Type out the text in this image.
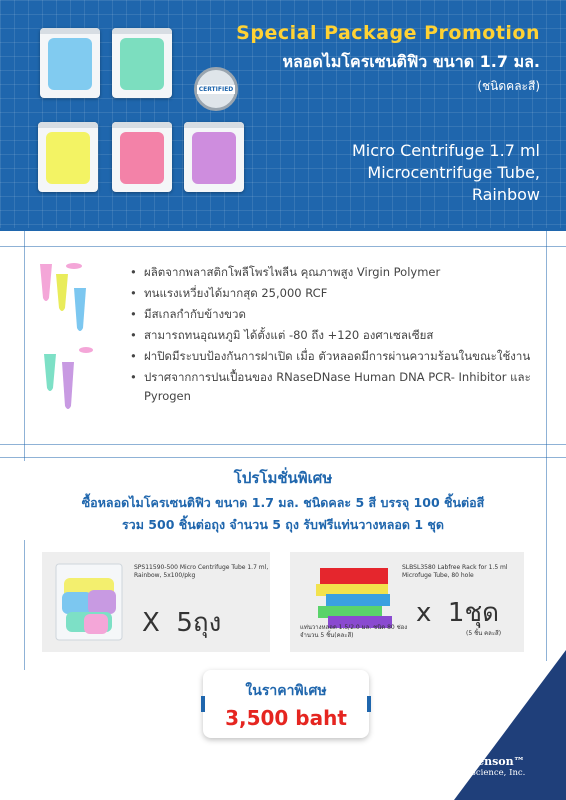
CERTIFIED
Special Package Promotion
หลอดไมโครเซนติฟิว ขนาด 1.7 มล.
(ชนิดคละสี)
Micro Centrifuge 1.7 ml
Microcentrifuge Tube,
Rainbow
• ผลิตจากพลาสติกโพลีโพรไพลีน คุณภาพสูง Virgin Polymer
• ทนแรงเหวี่ยงได้มากสุด 25,000 RCF
• มีสเกลกำกับข้างขวด
• สามารถทนอุณหภูมิ ได้ตั้งแต่ -80 ถึง +120 องศาเซลเซียส
• ฝาปิดมีระบบป้องกันการฝาเปิด เมื่อ ตัวหลอดมีการผ่านความร้อนในขณะใช้งาน
• ปราศจากการปนเปื้อนของ RNaseDNase Human DNA PCR- Inhibitor และ Pyrogen
โปรโมชั่นพิเศษ
ซื้อหลอดไมโครเซนติฟิว ขนาด 1.7 มล. ชนิดคละ 5 สี บรรจุ 100 ชิ้นต่อสี
รวม 500 ชิ้นต่อถุง จำนวน 5 ถุง รับฟรีแท่นวางหลอด 1 ชุด
SPS11590-500 Micro Centrifuge Tube 1.7 ml,
Rainbow, 5x100/pkg
X  5ถุง
SLBSL3580 Labfree Rack for 1.5 ml
Microfuge Tube, 80 hole
x  1ชุด
(5 ชิ้น คละสี)
แท่นวางหลอด 1.5/2.0 มล. ชนิด 80 ช่อง
จำนวน 5 ชิ้น(คละสี)
ในราคาพิเศษ
3,500 baht
Sorenson™
BioScience, Inc.
